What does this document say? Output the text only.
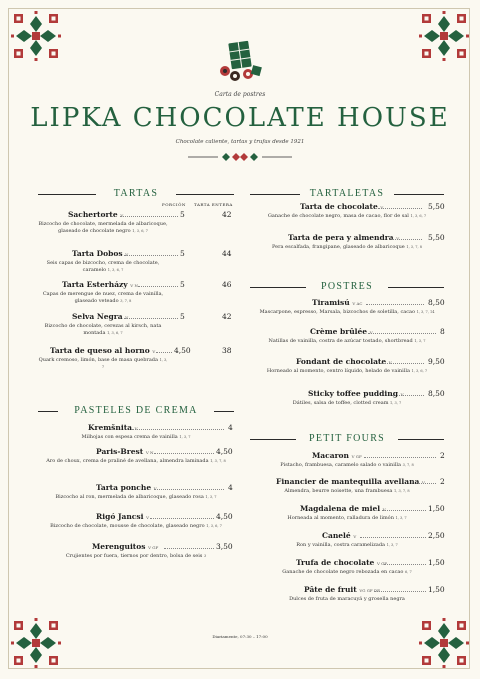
Carta de postres
LIPKA CHOCOLATE HOUSE
Chocolate caliente, tartas y trufas desde 1921
TARTAS
PORCIÓN TARTA ENTERA
Sachertorte V	5	42
Bizcocho de chocolate, mermelada de albaricoque, glaseado de chocolate negro 1, 3, 6, 7
Tarta Dobos V	5	44
Seis capas de bizcocho, crema de chocolate, caramelo 1, 3, 6, 7
Tarta Esterházy V N	5	46
Capas de merengue de nuez, crema de vainilla, glaseado veteado 3, 7, 8
Selva Negra V	5	42
Bizcocho de chocolate, cerezas al kirsch, nata montada 1, 3, 6, 7
Tarta de queso al horno V	4,50	38
Quark cremoso, limón, base de masa quebrada 1, 3, 7
PASTELES DE CREMA
Kremšnita V	4
Milhojas con espesa crema de vainilla 1, 3, 7
Paris-Brest V N	4,50
Aro de choux, crema de praliné de avellana, almendra laminada 1, 3, 7, 8
Tarta ponche V	4
Bizcocho al ron, mermelada de albaricoque, glaseado rosa 1, 3, 7
Rigó Jancsi V	4,50
Bizcocho de chocolate, mousse de chocolate, glaseado negro 1, 3, 6, 7
Merenguitos V GF	3,50
Crujientes por fuera, tiernos por dentro, bolsa de seis 3
TARTALETAS
Tarta de chocolate V	5,50
Ganache de chocolate negro, masa de cacao, flor de sal 1, 3, 6, 7
Tarta de pera y almendra V	5,50
Pera escalfada, frangipane, glaseado de albaricoque 1, 3, 7, 8
POSTRES
Tiramisú V AC	8,50
Mascarpone, espresso, Marsala, bizcochos de soletilla, cacao 1, 3, 7, 14
Crème brûlée V	8
Natillas de vainilla, costra de azúcar tostado, shortbread 1, 3, 7
Fondant de chocolate V	9,50
Horneado al momento, centro líquido, helado de vainilla 1, 3, 6, 7
Sticky toffee pudding V	8,50
Dátiles, salsa de toffee, clotted cream 1, 3, 7
PETIT FOURS
Macaron V GF	2
Pistacho, frambuesa, caramelo salado o vainilla 3, 7, 8
Financier de mantequilla avellana V 2
Almendra, beurre noisette, una frambuesa 1, 3, 7, 8
Magdalena de miel V	1,50
Horneada al momento, ralladura de limón 1, 3, 7
Canelé V	2,50
Ron y vainilla, costra caramelizada 1, 3, 7
Trufa de chocolate V GF	1,50
Ganache de chocolate negro rebozada en cacao 6, 7
Pâte de fruit VG GF DF	1,50
Dulces de fruta de maracuyá y grosella negra
Diariamente, 07:30 – 17:00
